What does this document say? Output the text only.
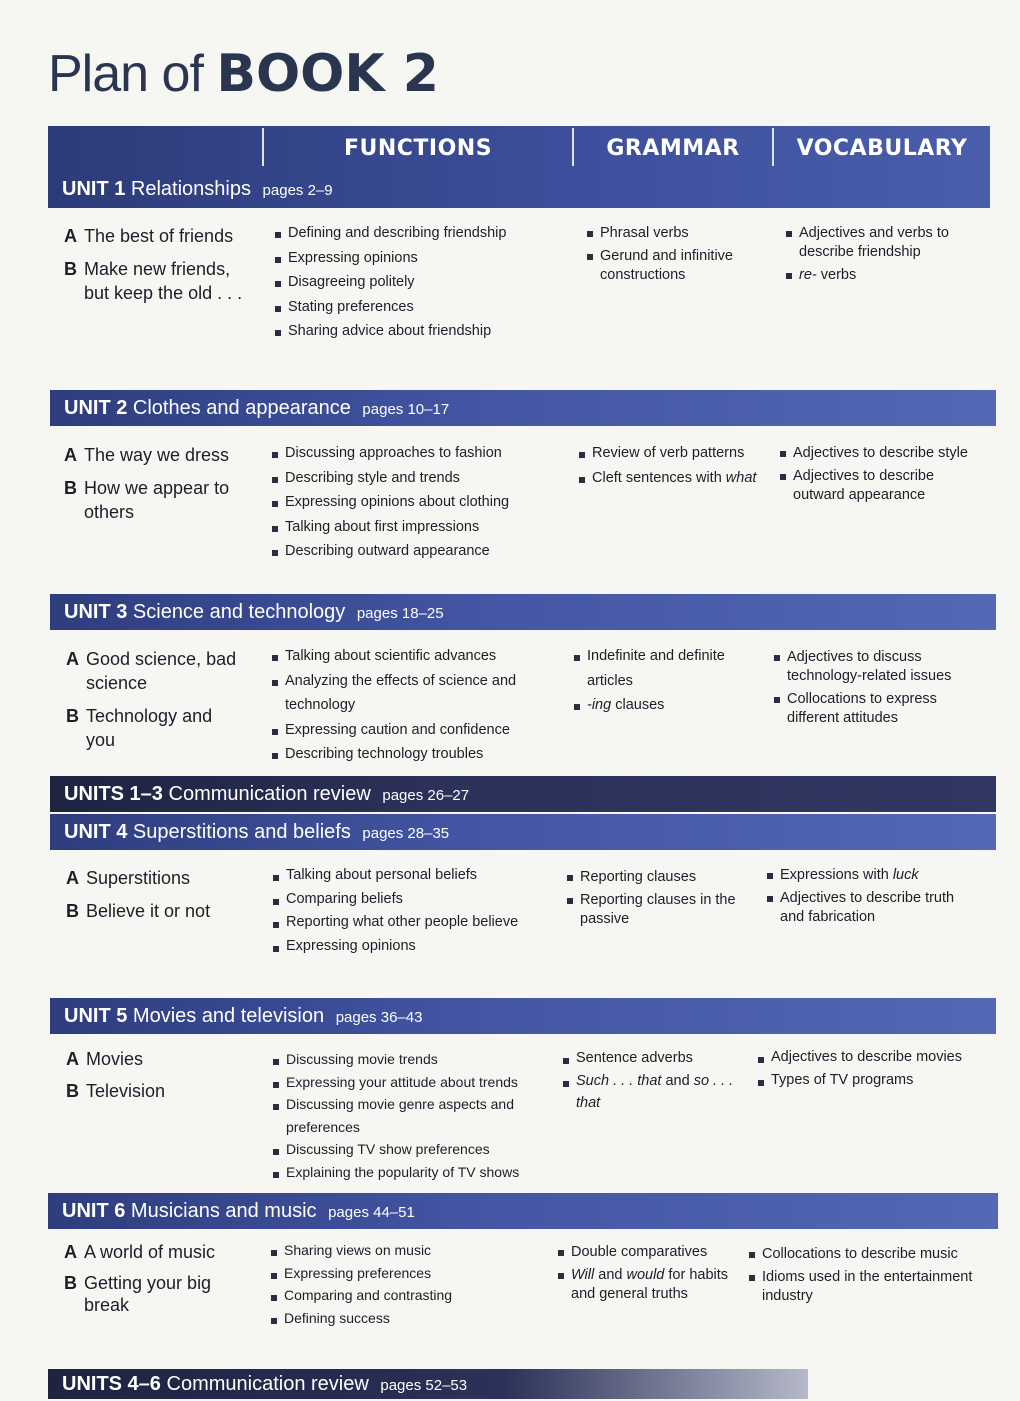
Plan of BOOK 2
FUNCTIONS	GRAMMAR	VOCABULARY
UNIT 1 Relationships pages 2–9
A The best of friends
B Make new friends, but keep the old . . .
Defining and describing friendship
Expressing opinions
Disagreeing politely
Stating preferences
Sharing advice about friendship
Phrasal verbs
Gerund and infinitive constructions
Adjectives and verbs to describe friendship
re- verbs
UNIT 2 Clothes and appearance pages 10–17
A The way we dress
B How we appear to others
Discussing approaches to fashion
Describing style and trends
Expressing opinions about clothing
Talking about first impressions
Describing outward appearance
Review of verb patterns
Cleft sentences with what
Adjectives to describe style
Adjectives to describe outward appearance
UNIT 3 Science and technology pages 18–25
A Good science, bad science
B Technology and you
Talking about scientific advances
Analyzing the effects of science and technology
Expressing caution and confidence
Describing technology troubles
Indefinite and definite articles
-ing clauses
Adjectives to discuss technology-related issues
Collocations to express different attitudes
UNITS 1–3 Communication review pages 26–27
UNIT 4 Superstitions and beliefs pages 28–35
A Superstitions
B Believe it or not
Talking about personal beliefs
Comparing beliefs
Reporting what other people believe
Expressing opinions
Reporting clauses
Reporting clauses in the passive
Expressions with luck
Adjectives to describe truth and fabrication
UNIT 5 Movies and television pages 36–43
A Movies
B Television
Discussing movie trends
Expressing your attitude about trends
Discussing movie genre aspects and preferences
Discussing TV show preferences
Explaining the popularity of TV shows
Sentence adverbs
Such . . . that and so . . . that
Adjectives to describe movies
Types of TV programs
UNIT 6 Musicians and music pages 44–51
A A world of music
B Getting your big break
Sharing views on music
Expressing preferences
Comparing and contrasting
Defining success
Double comparatives
Will and would for habits and general truths
Collocations to describe music
Idioms used in the entertainment industry
UNITS 4–6 Communication review pages 52–53
